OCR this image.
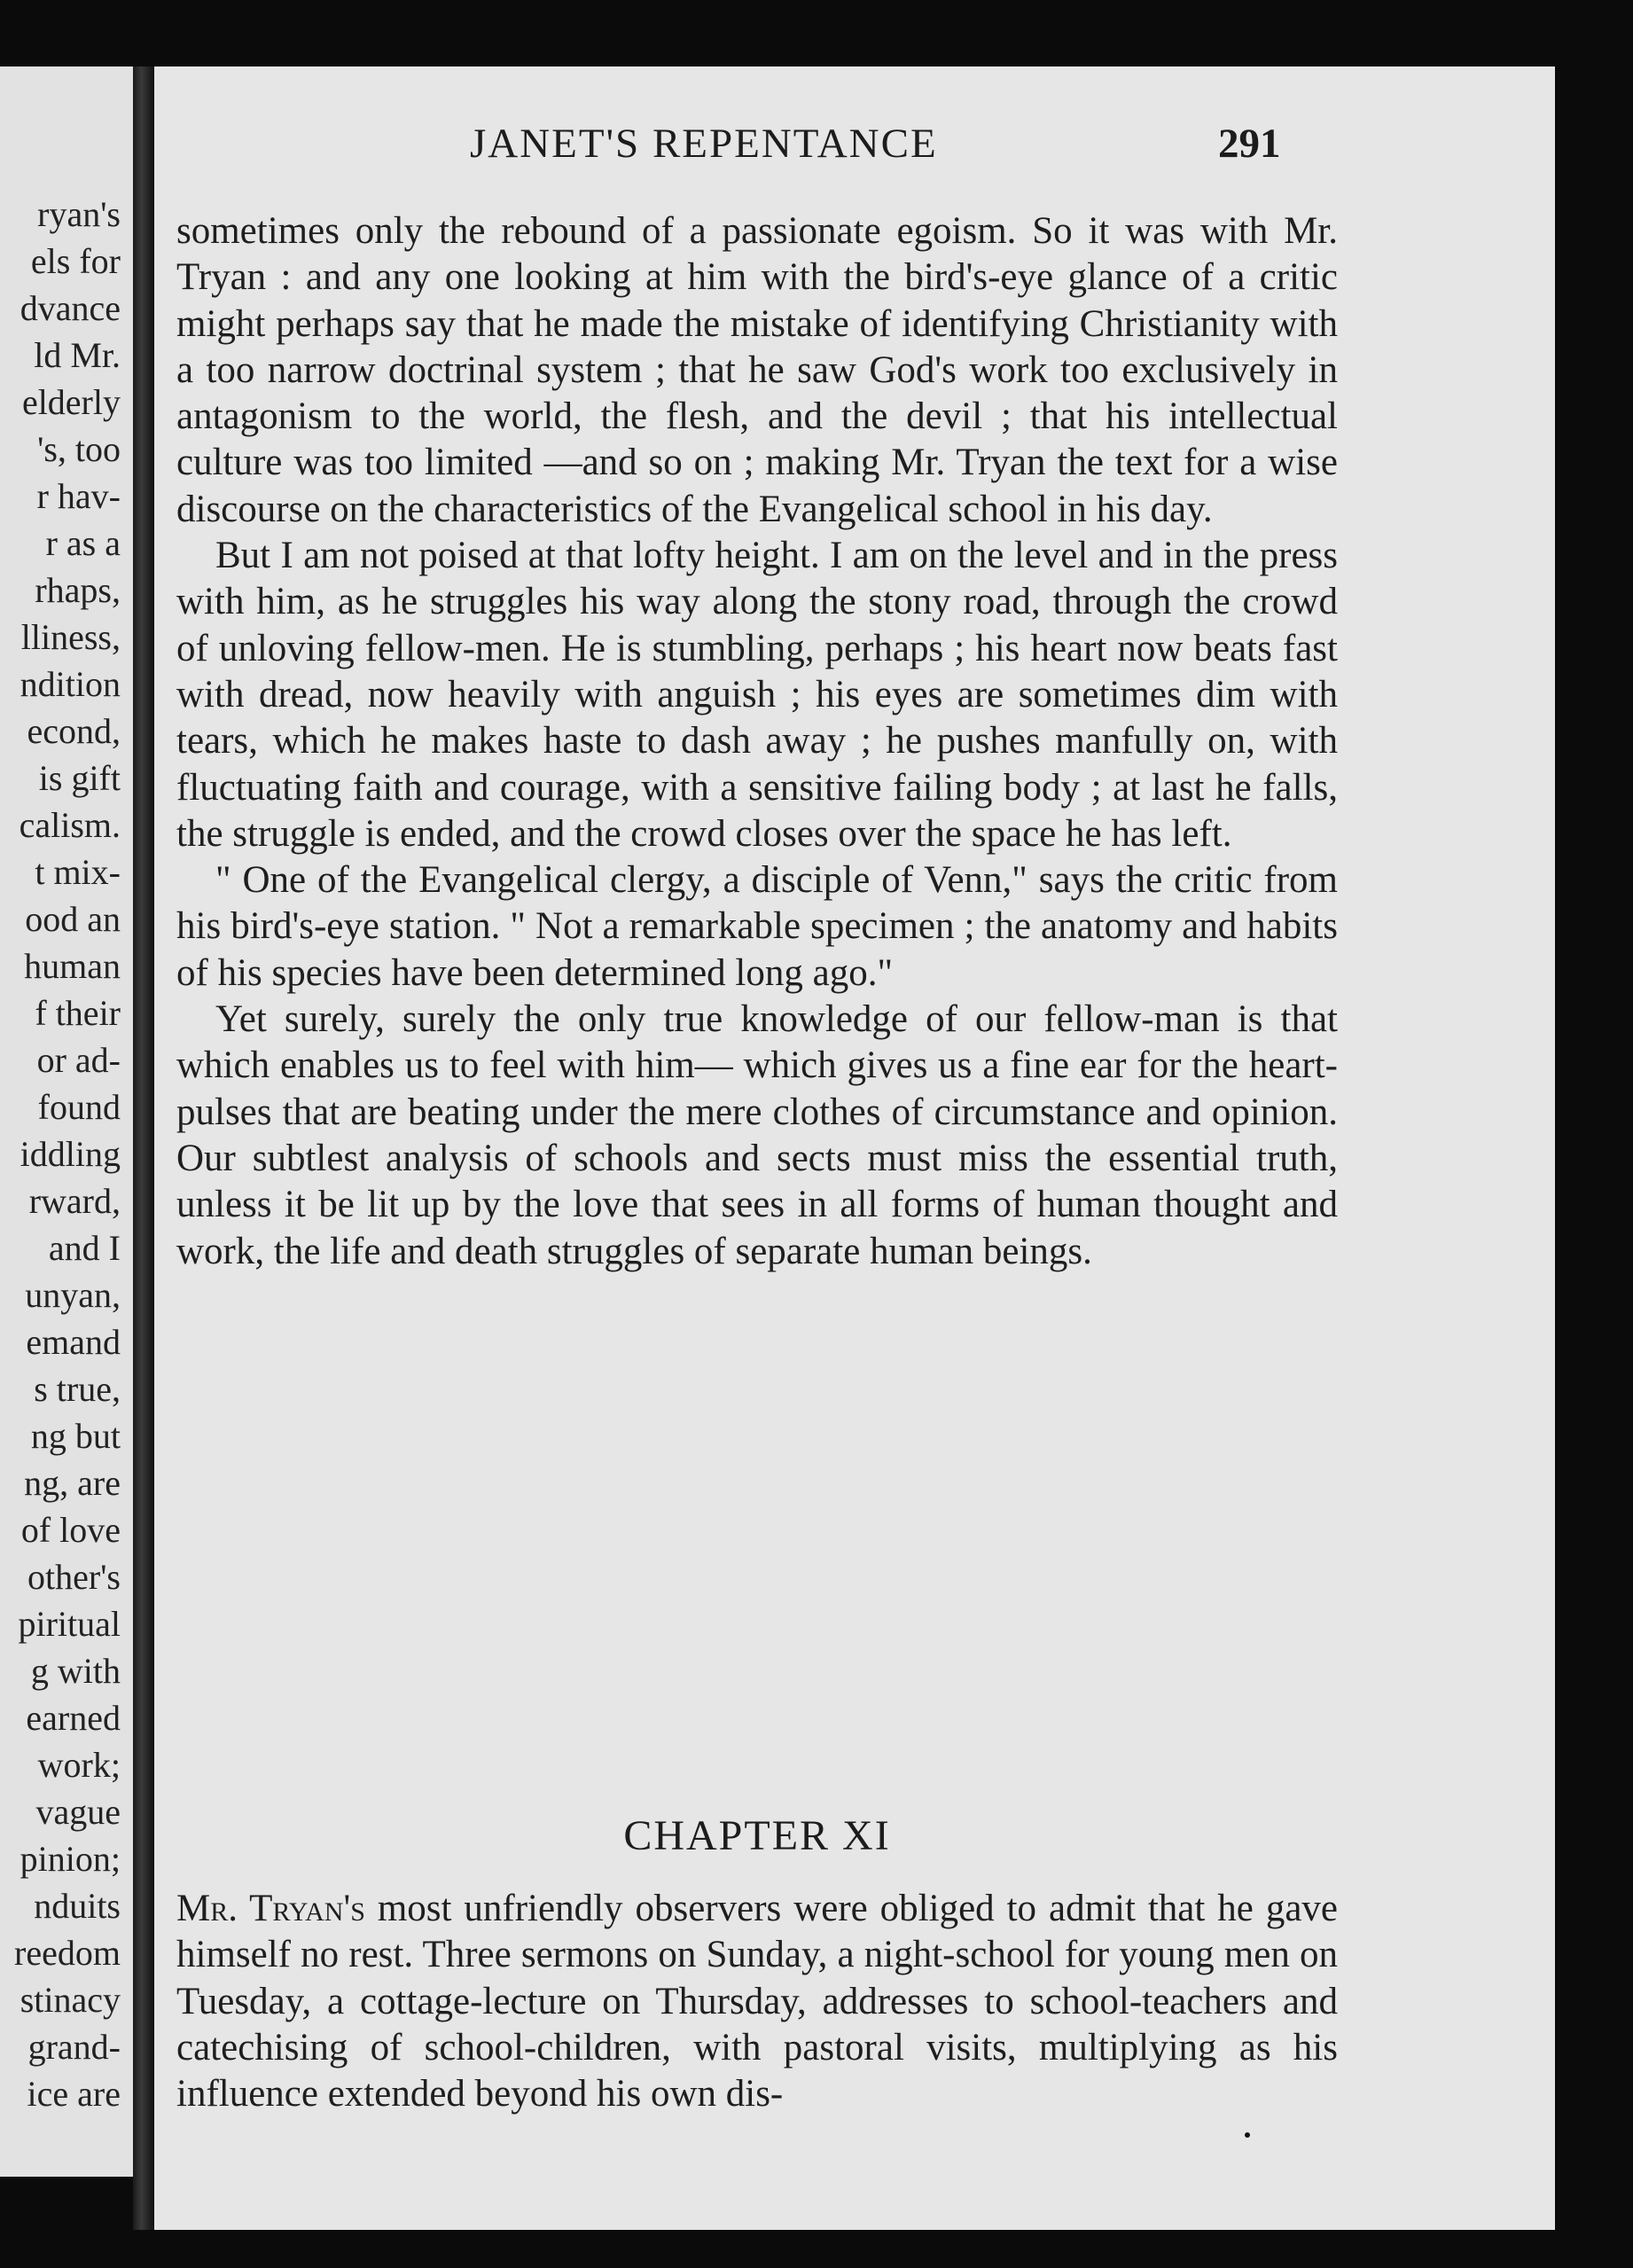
ryan's
els for
dvance
ld Mr.
elderly
's, too
r hav-
r as a
rhaps,
lliness,
ndition
econd,
is gift
calism.
t mix-
ood an
human
f their
or ad-
found
iddling
rward,
and I
unyan,
emand
s true,
ng but
ng, are
of love
other's
piritual
g with
earned
work;
vague
pinion;
nduits
reedom
stinacy
grand-
ice are
JANET'S REPENTANCE	291

sometimes only the rebound of a passionate egoism. So it was with Mr. Tryan : and any one looking at him with the bird's-eye glance of a critic might perhaps say that he made the mistake of identifying Christianity with a too narrow doctrinal system ; that he saw God's work too exclusively in antagonism to the world, the flesh, and the devil ; that his intellectual culture was too limited —and so on ; making Mr. Tryan the text for a wise discourse on the characteristics of the Evangelical school in his day.

But I am not poised at that lofty height. I am on the level and in the press with him, as he struggles his way along the stony road, through the crowd of unloving fellow-men. He is stumbling, perhaps ; his heart now beats fast with dread, now heavily with anguish ; his eyes are sometimes dim with tears, which he makes haste to dash away ; he pushes manfully on, with fluctuating faith and courage, with a sensitive failing body ; at last he falls, the struggle is ended, and the crowd closes over the space he has left.

" One of the Evangelical clergy, a disciple of Venn," says the critic from his bird's-eye station. " Not a remarkable specimen ; the anatomy and habits of his species have been determined long ago."

Yet surely, surely the only true knowledge of our fellow-man is that which enables us to feel with him— which gives us a fine ear for the heart-pulses that are beating under the mere clothes of circumstance and opinion. Our subtlest analysis of schools and sects must miss the essential truth, unless it be lit up by the love that sees in all forms of human thought and work, the life and death struggles of separate human beings.

CHAPTER XI

Mr. Tryan's most unfriendly observers were obliged to admit that he gave himself no rest. Three sermons on Sunday, a night-school for young men on Tuesday, a cottage-lecture on Thursday, addresses to school-teachers and catechising of school-children, with pastoral visits, multiplying as his influence extended beyond his own dis-
